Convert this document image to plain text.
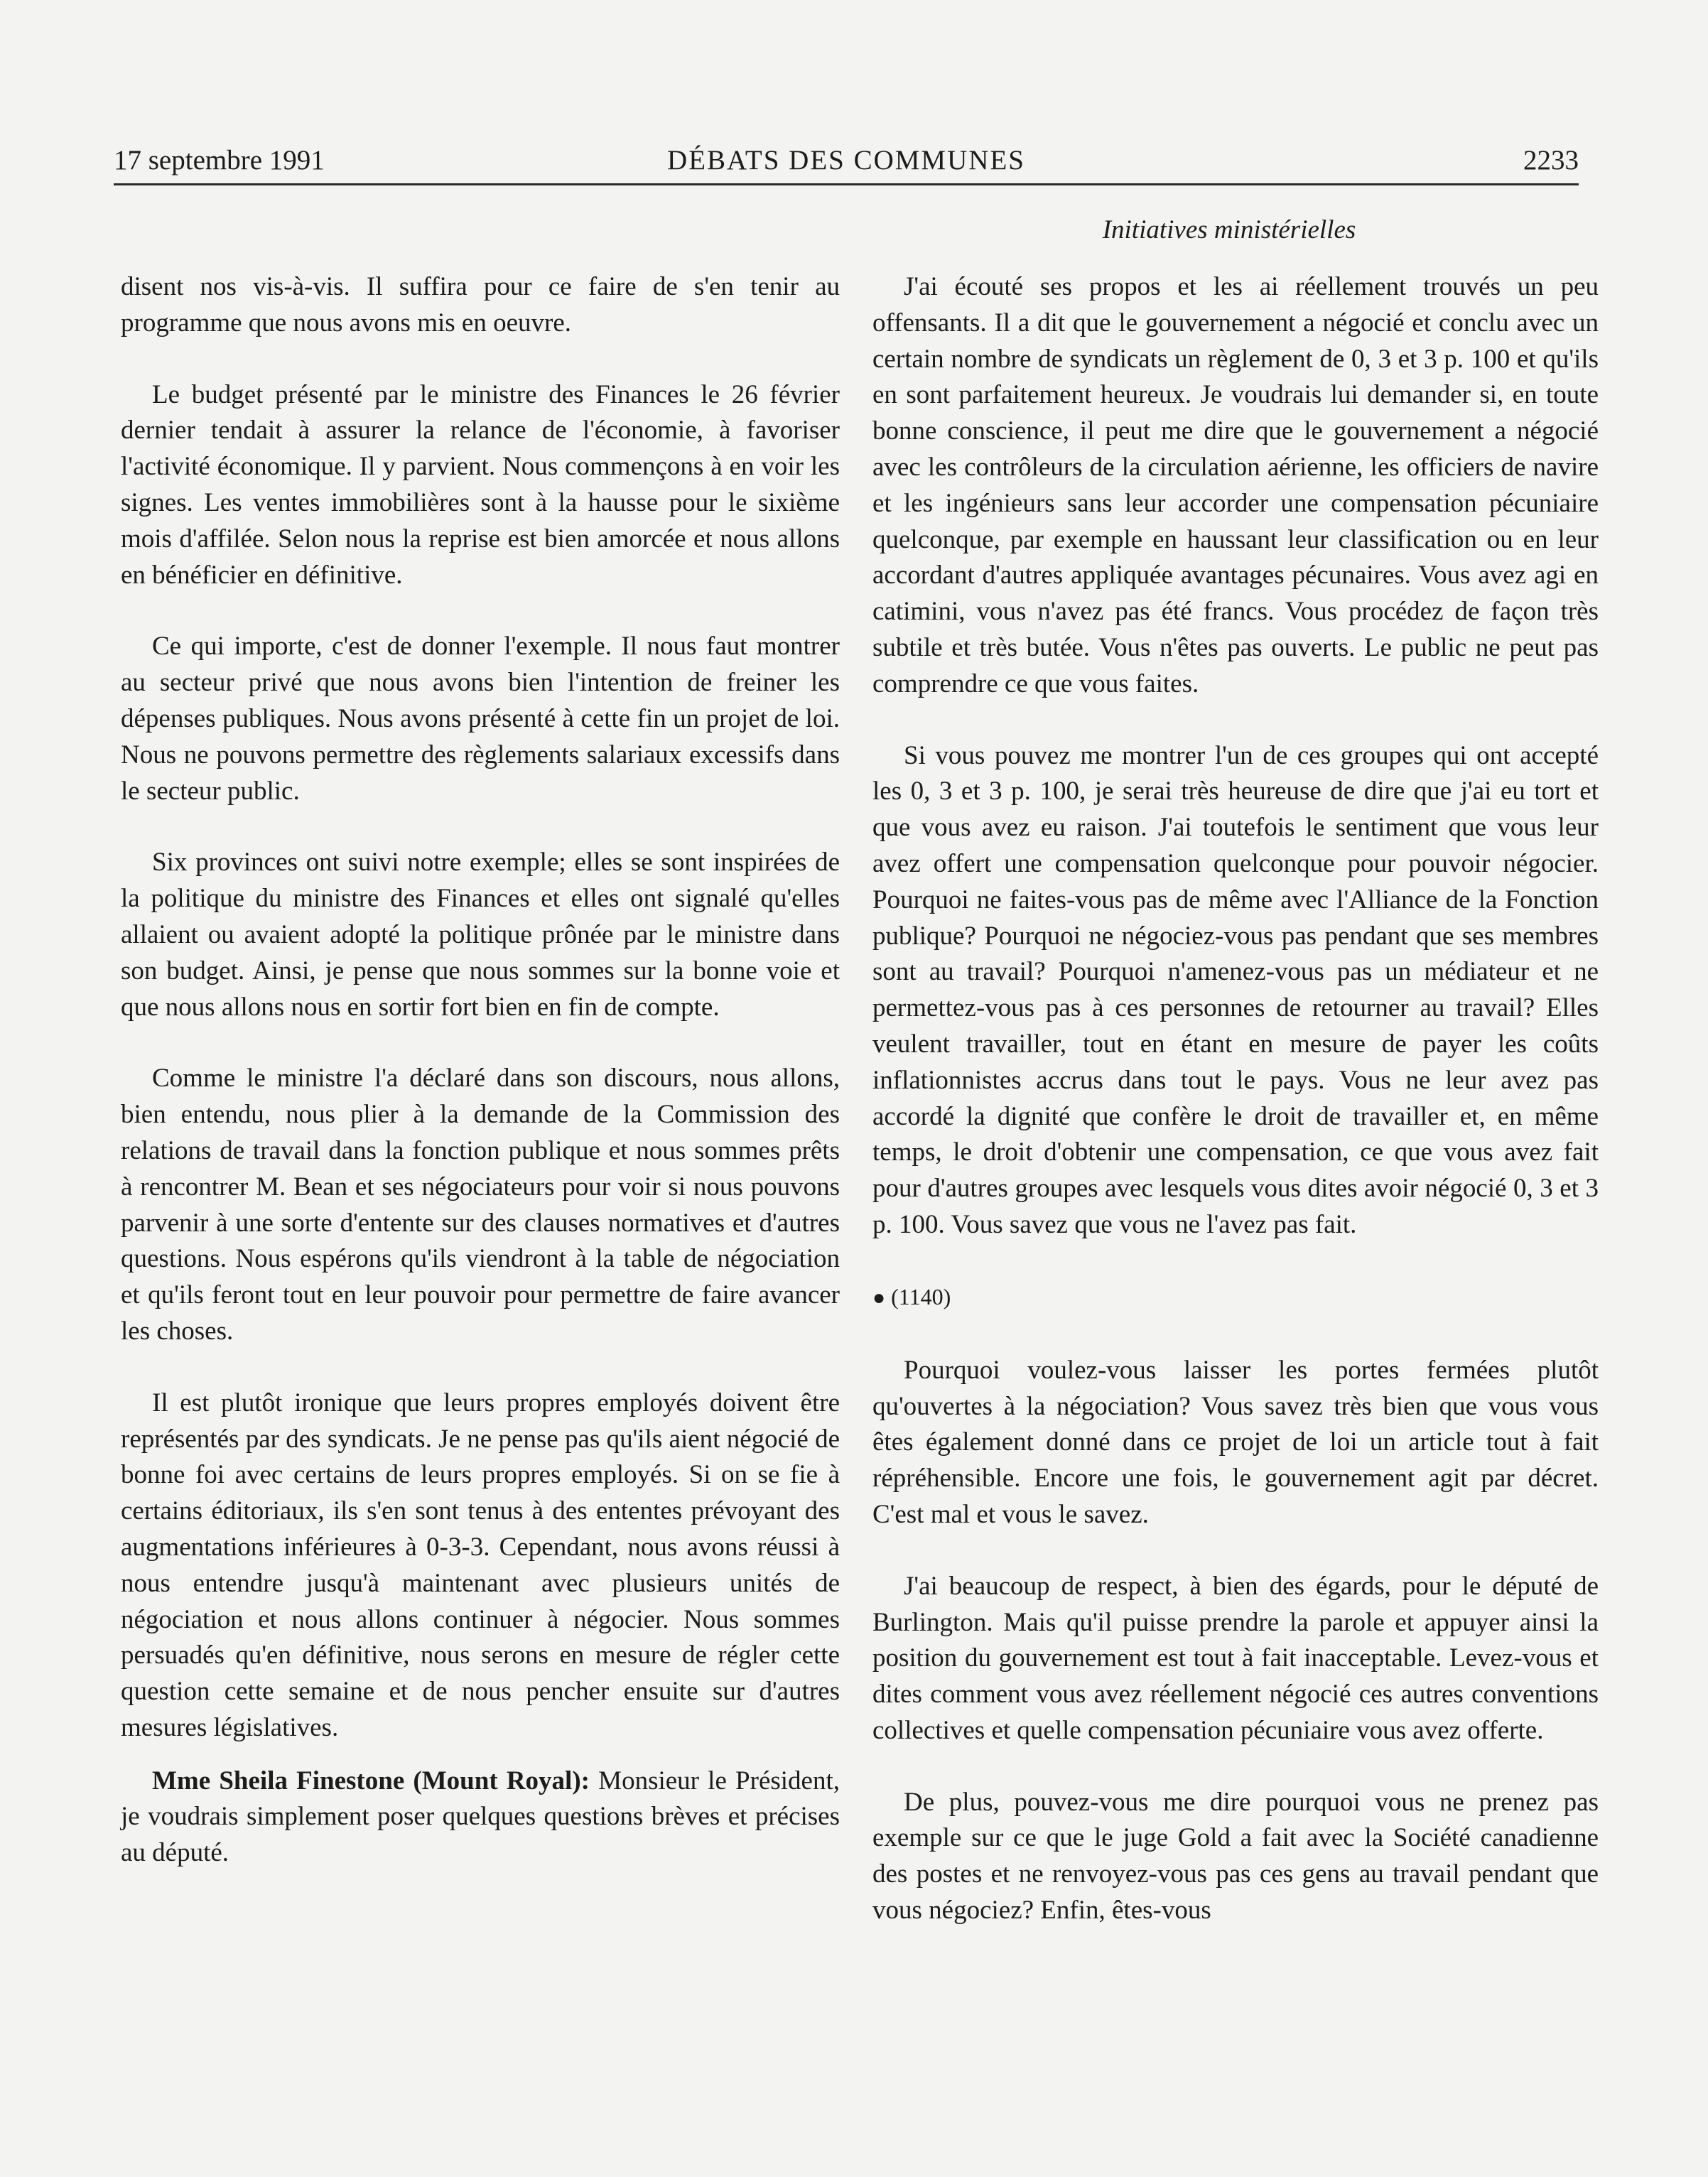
17 septembre 1991	DÉBATS DES COMMUNES	2233
Initiatives ministérielles

disent nos vis-à-vis. Il suffira pour ce faire de s'en tenir au programme que nous avons mis en oeuvre.

Le budget présenté par le ministre des Finances le 26 février dernier tendait à assurer la relance de l'économie, à favoriser l'activité économique. Il y parvient. Nous commençons à en voir les signes. Les ventes immobilières sont à la hausse pour le sixième mois d'affilée. Selon nous la reprise est bien amorcée et nous allons en bénéficier en définitive.

Ce qui importe, c'est de donner l'exemple. Il nous faut montrer au secteur privé que nous avons bien l'intention de freiner les dépenses publiques. Nous avons présenté à cette fin un projet de loi. Nous ne pouvons permettre des règlements salariaux excessifs dans le secteur public.

Six provinces ont suivi notre exemple; elles se sont inspirées de la politique du ministre des Finances et elles ont signalé qu'elles allaient ou avaient adopté la politique prônée par le ministre dans son budget. Ainsi, je pense que nous sommes sur la bonne voie et que nous allons nous en sortir fort bien en fin de compte.

Comme le ministre l'a déclaré dans son discours, nous allons, bien entendu, nous plier à la demande de la Commission des relations de travail dans la fonction publique et nous sommes prêts à rencontrer M. Bean et ses négociateurs pour voir si nous pouvons parvenir à une sorte d'entente sur des clauses normatives et d'autres questions. Nous espérons qu'ils viendront à la table de négociation et qu'ils feront tout en leur pouvoir pour permettre de faire avancer les choses.

Il est plutôt ironique que leurs propres employés doivent être représentés par des syndicats. Je ne pense pas qu'ils aient négocié de bonne foi avec certains de leurs propres employés. Si on se fie à certains éditoriaux, ils s'en sont tenus à des ententes prévoyant des augmentations inférieures à 0-3-3. Cependant, nous avons réussi à nous entendre jusqu'à maintenant avec plusieurs unités de négociation et nous allons continuer à négocier. Nous sommes persuadés qu'en définitive, nous serons en mesure de régler cette question cette semaine et de nous pencher ensuite sur d'autres mesures législatives.

Mme Sheila Finestone (Mount Royal): Monsieur le Président, je voudrais simplement poser quelques questions brèves et précises au député.

J'ai écouté ses propos et les ai réellement trouvés un peu offensants. Il a dit que le gouvernement a négocié et conclu avec un certain nombre de syndicats un règlement de 0, 3 et 3 p. 100 et qu'ils en sont parfaitement heureux. Je voudrais lui demander si, en toute bonne conscience, il peut me dire que le gouvernement a négocié avec les contrôleurs de la circulation aérienne, les officiers de navire et les ingénieurs sans leur accorder une compensation pécuniaire quelconque, par exemple en haussant leur classification ou en leur accordant d'autres appliquée avantages pécunaires. Vous avez agi en catimini, vous n'avez pas été francs. Vous procédez de façon très subtile et très butée. Vous n'êtes pas ouverts. Le public ne peut pas comprendre ce que vous faites.

Si vous pouvez me montrer l'un de ces groupes qui ont accepté les 0, 3 et 3 p. 100, je serai très heureuse de dire que j'ai eu tort et que vous avez eu raison. J'ai toutefois le sentiment que vous leur avez offert une compensation quelconque pour pouvoir négocier. Pourquoi ne faites-vous pas de même avec l'Alliance de la Fonction publique? Pourquoi ne négociez-vous pas pendant que ses membres sont au travail? Pourquoi n'amenez-vous pas un médiateur et ne permettez-vous pas à ces personnes de retourner au travail? Elles veulent travailler, tout en étant en mesure de payer les coûts inflationnistes accrus dans tout le pays. Vous ne leur avez pas accordé la dignité que confère le droit de travailler et, en même temps, le droit d'obtenir une compensation, ce que vous avez fait pour d'autres groupes avec lesquels vous dites avoir négocié 0, 3 et 3 p. 100. Vous savez que vous ne l'avez pas fait.

● (1140)

Pourquoi voulez-vous laisser les portes fermées plutôt qu'ouvertes à la négociation? Vous savez très bien que vous vous êtes également donné dans ce projet de loi un article tout à fait répréhensible. Encore une fois, le gouvernement agit par décret. C'est mal et vous le savez.

J'ai beaucoup de respect, à bien des égards, pour le député de Burlington. Mais qu'il puisse prendre la parole et appuyer ainsi la position du gouvernement est tout à fait inacceptable. Levez-vous et dites comment vous avez réellement négocié ces autres conventions collectives et quelle compensation pécuniaire vous avez offerte.

De plus, pouvez-vous me dire pourquoi vous ne prenez pas exemple sur ce que le juge Gold a fait avec la Société canadienne des postes et ne renvoyez-vous pas ces gens au travail pendant que vous négociez? Enfin, êtes-vous
